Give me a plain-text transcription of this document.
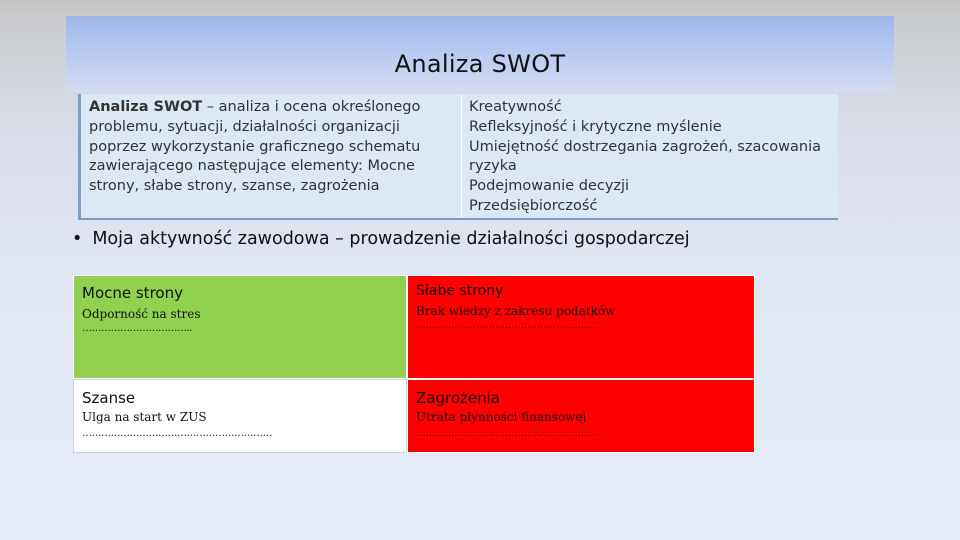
Analiza SWOT
Analiza SWOT – analiza i ocena określonego problemu, sytuacji, działalności organizacji poprzez wykorzystanie graficznego schematu zawierającego następujące elementy: Mocne strony, słabe strony, szanse, zagrożenia
Kreatywność
Refleksyjność i krytyczne myślenie
Umiejętność dostrzegania zagrożeń, szacowania ryzyka
Podejmowanie decyzji
Przedsiębiorczość
• Moja aktywność zawodowa – prowadzenie działalności gospodarczej
Mocne strony
Odporność na stres
……………………………..
Słabe strony
Brak wiedzy z zakresu podatków
…………………………………………………
Szanse
Ulga na start w ZUS
……………………………………………………
Zagrożenia
Utrata płynności finansowej
…………………………………………………
